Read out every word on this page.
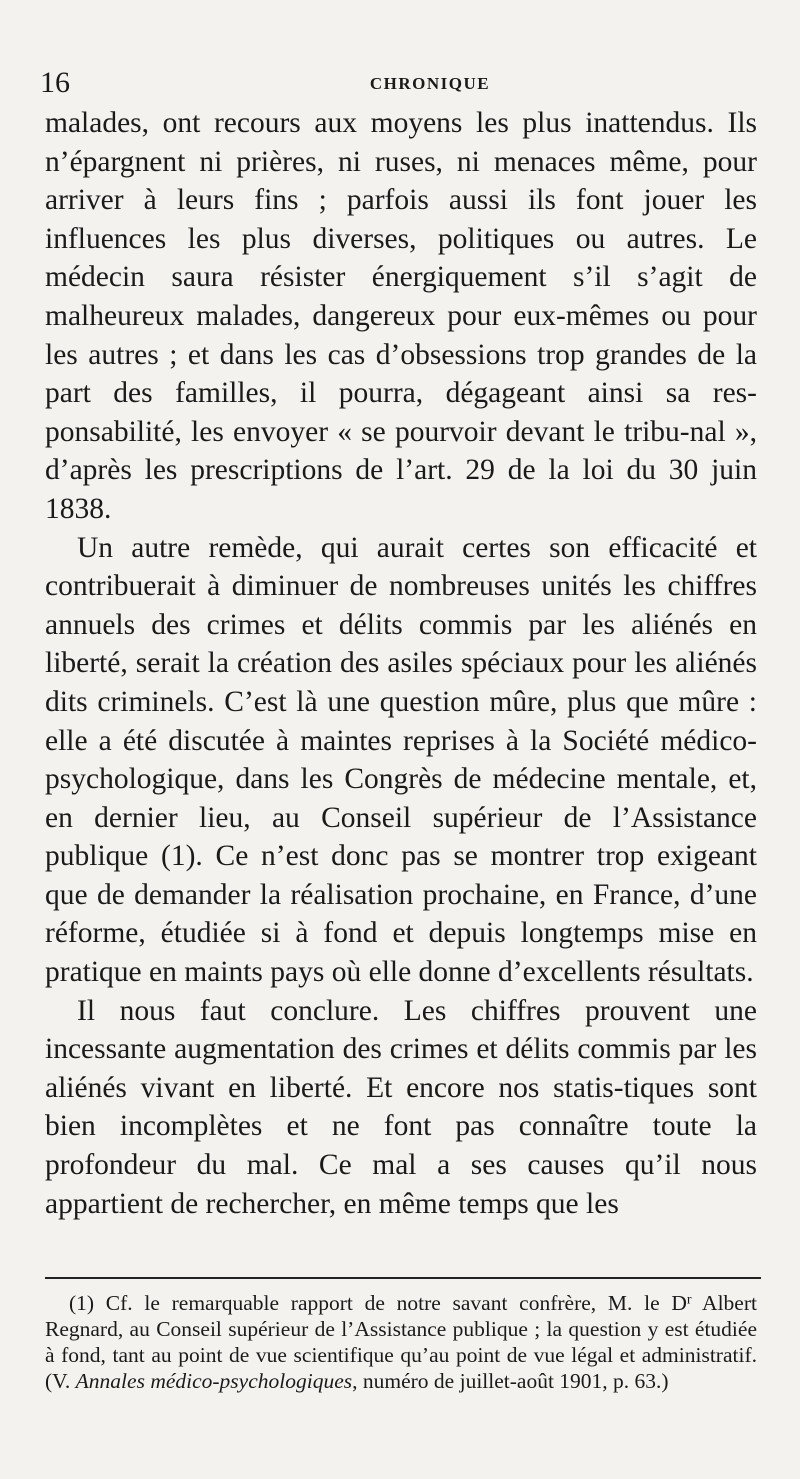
16	CHRONIQUE

malades, ont recours aux moyens les plus inattendus. Ils n’épargnent ni prières, ni ruses, ni menaces même, pour arriver à leurs fins ; parfois aussi ils font jouer les influences les plus diverses, politiques ou autres. Le médecin saura résister énergiquement s’il s’agit de malheureux malades, dangereux pour eux-mêmes ou pour les autres ; et dans les cas d’obsessions trop grandes de la part des familles, il pourra, dégageant ainsi sa res-ponsabilité, les envoyer « se pourvoir devant le tribu-nal », d’après les prescriptions de l’art. 29 de la loi du 30 juin 1838.

Un autre remède, qui aurait certes son efficacité et contribuerait à diminuer de nombreuses unités les chiffres annuels des crimes et délits commis par les aliénés en liberté, serait la création des asiles spéciaux pour les aliénés dits criminels. C’est là une question mûre, plus que mûre : elle a été discutée à maintes reprises à la Société médico-psychologique, dans les Congrès de médecine mentale, et, en dernier lieu, au Conseil supérieur de l’Assistance publique (1). Ce n’est donc pas se montrer trop exigeant que de demander la réalisation prochaine, en France, d’une réforme, étudiée si à fond et depuis longtemps mise en pratique en maints pays où elle donne d’excellents résultats.

Il nous faut conclure. Les chiffres prouvent une incessante augmentation des crimes et délits commis par les aliénés vivant en liberté. Et encore nos statis-tiques sont bien incomplètes et ne font pas connaître toute la profondeur du mal. Ce mal a ses causes qu’il nous appartient de rechercher, en même temps que les

(1) Cf. le remarquable rapport de notre savant confrère, M. le $D^r$ Albert Regnard, au Conseil supérieur de l’Assistance publique ; la question y est étudiée à fond, tant au point de vue scientifique qu’au point de vue légal et administratif. (V. Annales médico-psychologiques, numéro de juillet-août 1901, p. 63.)
